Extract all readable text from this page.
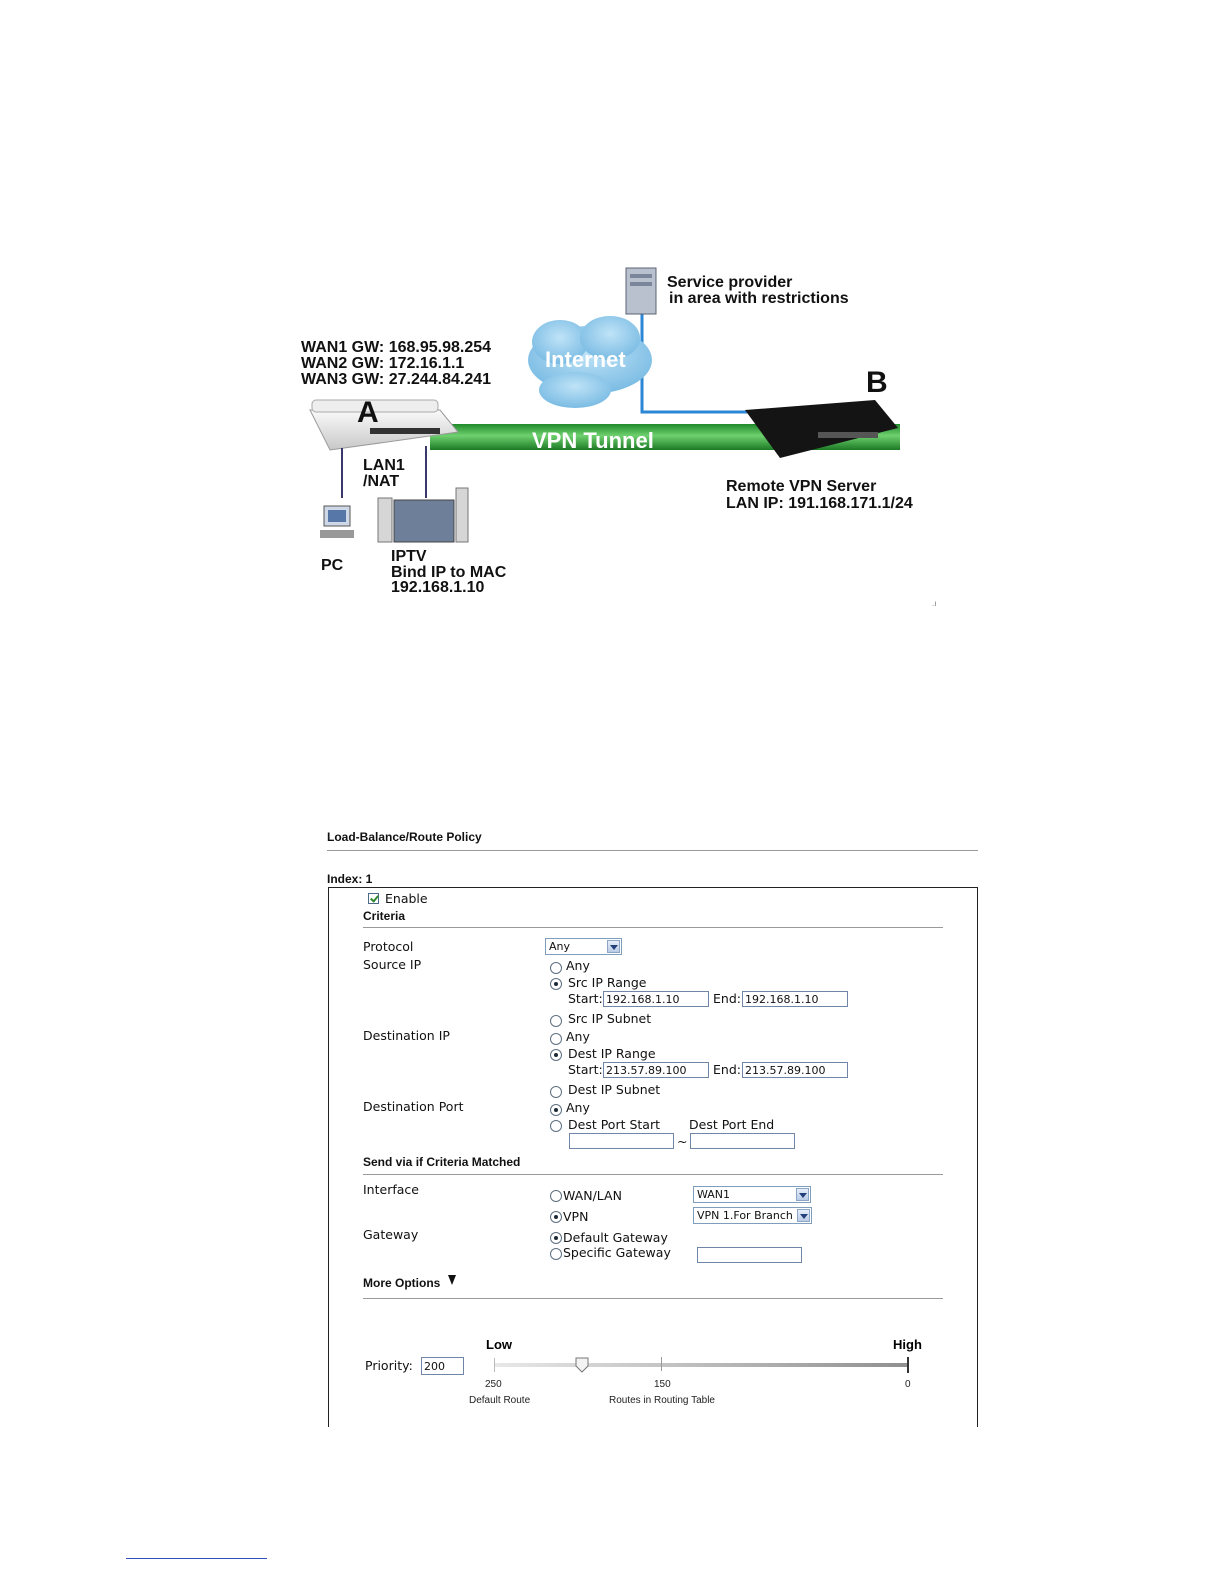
.ı
Service provider
in area with restrictions
Internet
WAN1 GW: 168.95.98.254
WAN2 GW: 172.16.1.1
WAN3 GW: 27.244.84.241
A
B
VPN Tunnel
LAN1
/NAT	Remote VPN Server
LAN IP: 191.168.171.1/24
PC
IPTV
Bind IP to MAC
192.168.1.10
Load-Balance/Route Policy
Index: 1
Enable
Criteria
Protocol	Any
Source IP	Any
Src IP Range
Start: 192.168.1.10	End: 192.168.1.10
Src IP Subnet
Destination IP	Any
Dest IP Range
Start: 213.57.89.100	End: 213.57.89.100
Dest IP Subnet
Destination Port	Any
Dest Port Start Dest Port End
~
Send via if Criteria Matched
Interface	WAN/LAN	WAN1
VPN	VPN 1.For Branch
Gateway	Default Gateway
Specific Gateway
More Options
Low	High
Priority: 200
250	150	0
Default Route	Routes in Routing Table
